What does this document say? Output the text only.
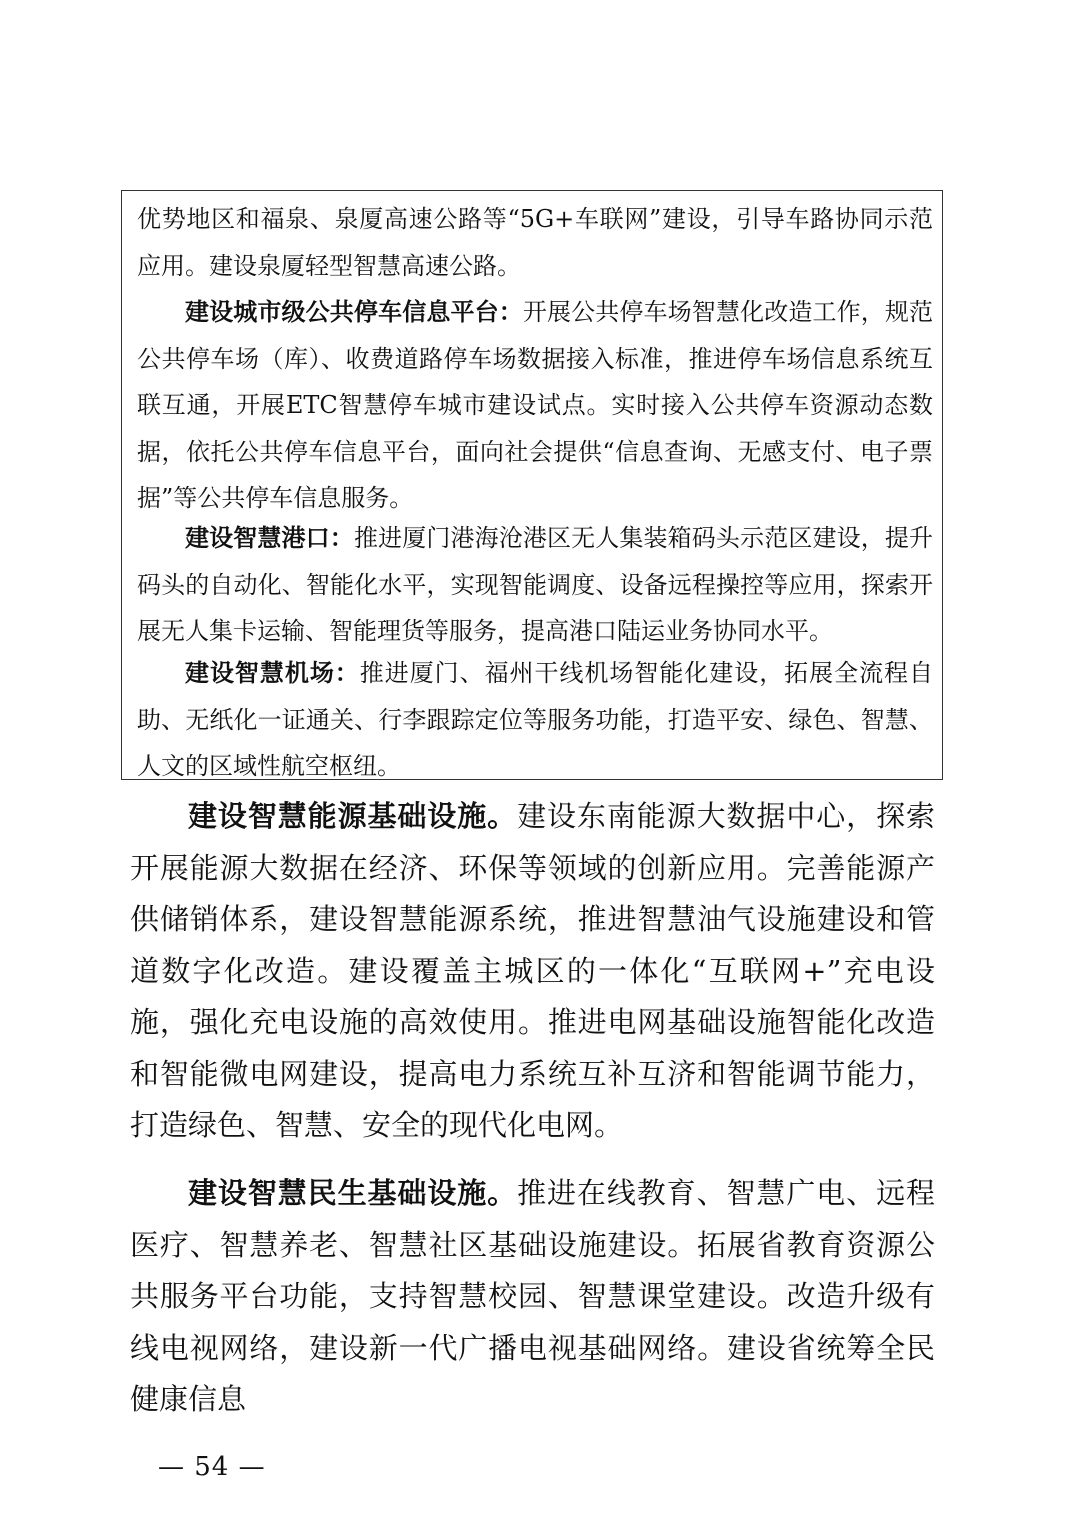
优势地区和福泉、泉厦高速公路等“5G+车联网”建设，引导车路协同示范应用。建设泉厦轻型智慧高速公路。

建设城市级公共停车信息平台：开展公共停车场智慧化改造工作，规范公共停车场（库）、收费道路停车场数据接入标准，推进停车场信息系统互联互通，开展ETC智慧停车城市建设试点。实时接入公共停车资源动态数据，依托公共停车信息平台，面向社会提供“信息查询、无感支付、电子票据”等公共停车信息服务。

建设智慧港口：推进厦门港海沧港区无人集装箱码头示范区建设，提升码头的自动化、智能化水平，实现智能调度、设备远程操控等应用，探索开展无人集卡运输、智能理货等服务，提高港口陆运业务协同水平。

建设智慧机场：推进厦门、福州干线机场智能化建设，拓展全流程自助、无纸化一证通关、行李跟踪定位等服务功能，打造平安、绿色、智慧、人文的区域性航空枢纽。

建设智慧能源基础设施。建设东南能源大数据中心，探索开展能源大数据在经济、环保等领域的创新应用。完善能源产供储销体系，建设智慧能源系统，推进智慧油气设施建设和管道数字化改造。建设覆盖主城区的一体化“互联网+”充电设施，强化充电设施的高效使用。推进电网基础设施智能化改造和智能微电网建设，提高电力系统互补互济和智能调节能力，打造绿色、智慧、安全的现代化电网。

建设智慧民生基础设施。推进在线教育、智慧广电、远程医疗、智慧养老、智慧社区基础设施建设。拓展省教育资源公共服务平台功能，支持智慧校园、智慧课堂建设。改造升级有线电视网络，建设新一代广播电视基础网络。建设省统筹全民健康信息

— 54 —
